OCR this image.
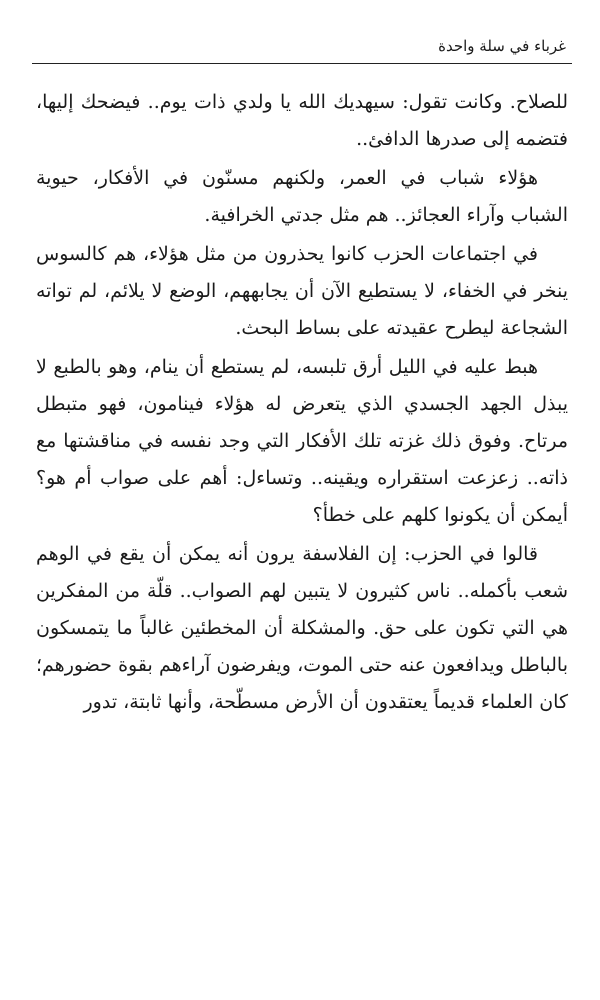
غرباء في سلة واحدة

للصلاح. وكانت تقول: سيهديك الله يا ولدي ذات يوم.. فيضحك إليها، فتضمه إلى صدرها الدافئ..

هؤلاء شباب في العمر، ولكنهم مسنّون في الأفكار، حيوية الشباب وآراء العجائز.. هم مثل جدتي الخرافية.

في اجتماعات الحزب كانوا يحذرون من مثل هؤلاء، هم كالسوس ينخر في الخفاء، لا يستطيع الآن أن يجابههم، الوضع لا يلائم، لم تواته الشجاعة ليطرح عقيدته على بساط البحث.

هبط عليه في الليل أرق تلبسه، لم يستطع أن ينام، وهو بالطبع لا يبذل الجهد الجسدي الذي يتعرض له هؤلاء فينامون، فهو متبطل مرتاح. وفوق ذلك غزته تلك الأفكار التي وجد نفسه في مناقشتها مع ذاته.. زعزعت استقراره ويقينه.. وتساءل: أهم على صواب أم هو؟ أيمكن أن يكونوا كلهم على خطأ؟

قالوا في الحزب: إن الفلاسفة يرون أنه يمكن أن يقع في الوهم شعب بأكمله.. ناس كثيرون لا يتبين لهم الصواب.. قلّة من المفكرين هي التي تكون على حق. والمشكلة أن المخطئين غالباً ما يتمسكون بالباطل ويدافعون عنه حتى الموت، ويفرضون آراءهم بقوة حضورهم؛ كان العلماء قديماً يعتقدون أن الأرض مسطّحة، وأنها ثابتة، تدور
